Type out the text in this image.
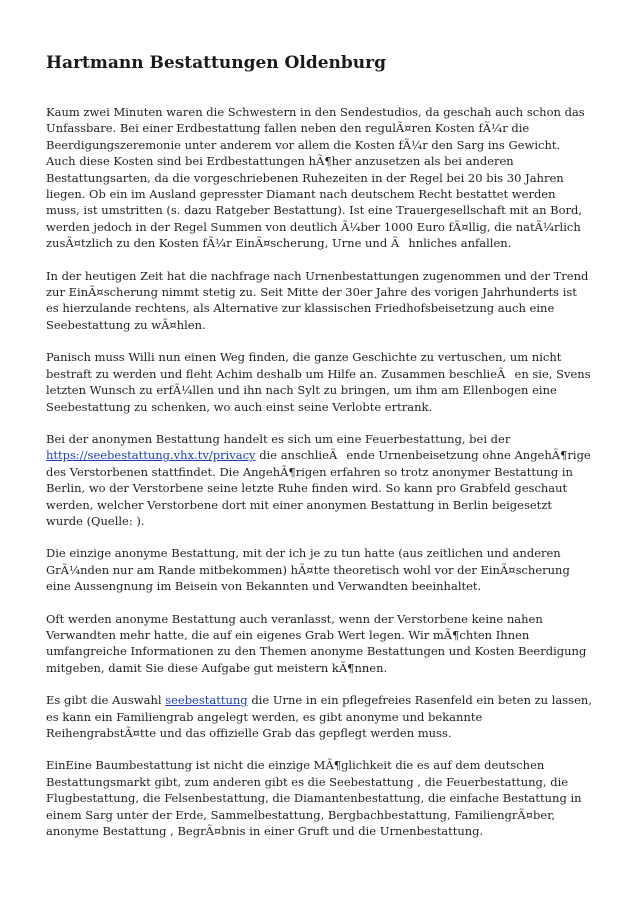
Hartmann Bestattungen Oldenburg

Kaum zwei Minuten waren die Schwestern in den Sendestudios, da geschah auch schon das Unfassbare. Bei einer Erdbestattung fallen neben den regulÃ¤ren Kosten fÃ¼r die Beerdigungszeremonie unter anderem vor allem die Kosten fÃ¼r den Sarg ins Gewicht. Auch diese Kosten sind bei Erdbestattungen hÃ¶her anzusetzen als bei anderen Bestattungsarten, da die vorgeschriebenen Ruhezeiten in der Regel bei 20 bis 30 Jahren liegen. Ob ein im Ausland gepresster Diamant nach deutschem Recht bestattet werden muss, ist umstritten (s. dazu Ratgeber Bestattung). Ist eine Trauergesellschaft mit an Bord, werden jedoch in der Regel Summen von deutlich Ã¼ber 1000 Euro fÃ¤llig, die natÃ¼rlich zusÃ¤tzlich zu den Kosten fÃ¼r EinÃ¤scherung, Urne und Ãhnliches anfallen.

In der heutigen Zeit hat die nachfrage nach Urnenbestattungen zugenommen und der Trend zur EinÃ¤scherung nimmt stetig zu. Seit Mitte der 30er Jahre des vorigen Jahrhunderts ist es hierzulande rechtens, als Alternative zur klassischen Friedhofsbeisetzung auch eine Seebestattung zu wÃ¤hlen.

Panisch muss Willi nun einen Weg finden, die ganze Geschichte zu vertuschen, um nicht bestraft zu werden und fleht Achim deshalb um Hilfe an. Zusammen beschlieÃen sie, Svens letzten Wunsch zu erfÃ¼llen und ihn nach Sylt zu bringen, um ihm am Ellenbogen eine Seebestattung zu schenken, wo auch einst seine Verlobte ertrank.

Bei der anonymen Bestattung handelt es sich um eine Feuerbestattung, bei der https://seebestattung.vhx.tv/privacy die anschlieÃende Urnenbeisetzung ohne AngehÃ¶rige des Verstorbenen stattfindet. Die AngehÃ¶rigen erfahren so trotz anonymer Bestattung in Berlin, wo der Verstorbene seine letzte Ruhe finden wird. So kann pro Grabfeld geschaut werden, welcher Verstorbene dort mit einer anonymen Bestattung in Berlin beigesetzt wurde (Quelle: ).

Die einzige anonyme Bestattung, mit der ich je zu tun hatte (aus zeitlichen und anderen GrÃ¼nden nur am Rande mitbekommen) hÃ¤tte theoretisch wohl vor der EinÃ¤scherung eine Aussengnung im Beisein von Bekannten und Verwandten beeinhaltet.

Oft werden anonyme Bestattung auch veranlasst, wenn der Verstorbene keine nahen Verwandten mehr hatte, die auf ein eigenes Grab Wert legen. Wir mÃ¶chten Ihnen umfangreiche Informationen zu den Themen anonyme Bestattungen und Kosten Beerdigung mitgeben, damit Sie diese Aufgabe gut meistern kÃ¶nnen.

Es gibt die Auswahl seebestattung die Urne in ein pflegefreies Rasenfeld ein beten zu lassen, es kann ein Familiengrab angelegt werden, es gibt anonyme und bekannte ReihengrabstÃ¤tte und das offizielle Grab das gepflegt werden muss.

EinEine Baumbestattung ist nicht die einzige MÃ¶glichkeit die es auf dem deutschen Bestattungsmarkt gibt, zum anderen gibt es die Seebestattung , die Feuerbestattung, die Flugbestattung, die Felsenbestattung, die Diamantenbestattung, die einfache Bestattung in einem Sarg unter der Erde, Sammelbestattung, Bergbachbestattung, FamiliengrÃ¤ber, anonyme Bestattung , BegrÃ¤bnis in einer Gruft und die Urnenbestattung.
